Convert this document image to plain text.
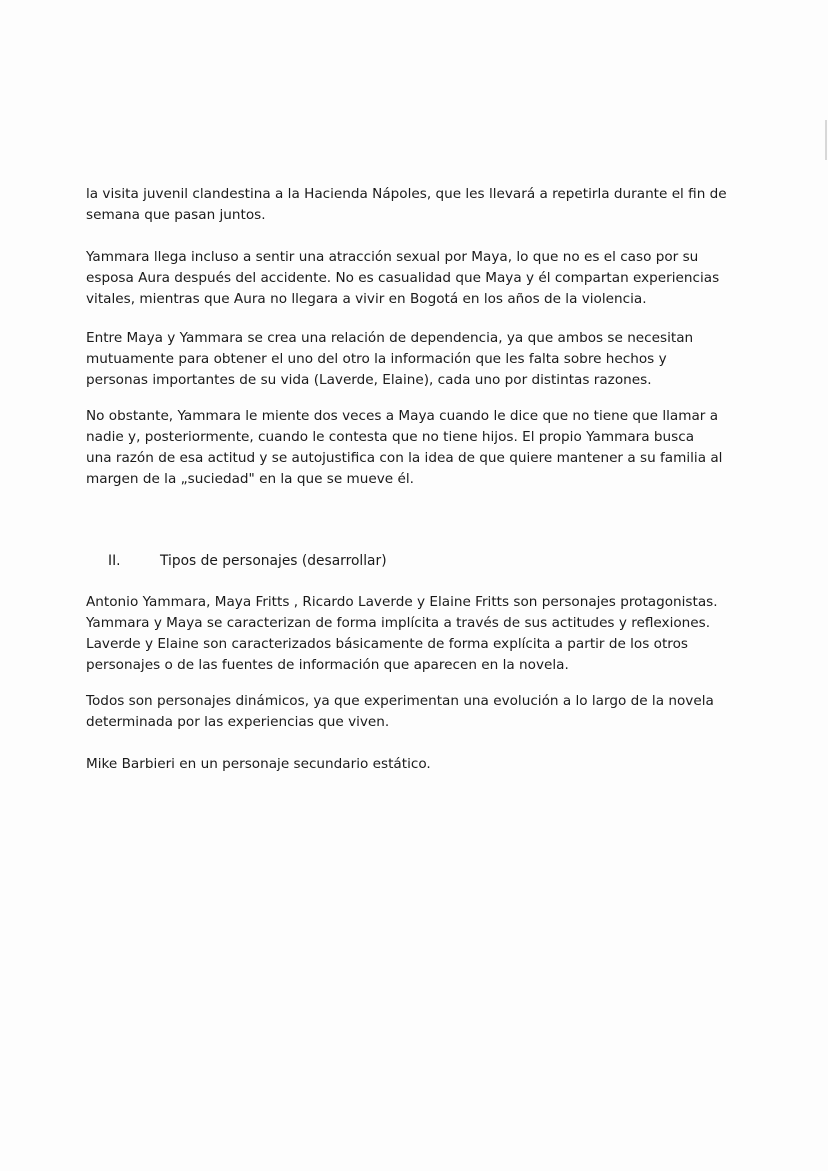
la visita juvenil clandestina a la Hacienda Nápoles, que les llevará a repetirla durante el fin de
semana que pasan juntos.
Yammara llega incluso a sentir una atracción sexual por Maya, lo que no es el caso por su
esposa Aura después del accidente. No es casualidad que Maya y él compartan experiencias
vitales, mientras que Aura no llegara a vivir en Bogotá en los años de la violencia.
Entre Maya y Yammara se crea una relación de dependencia, ya que ambos se necesitan
mutuamente para obtener el uno del otro la información que les falta sobre hechos y
personas importantes de su vida (Laverde, Elaine), cada uno por distintas razones.
No obstante, Yammara le miente dos veces a Maya cuando le dice que no tiene que llamar a
nadie y, posteriormente, cuando le contesta que no tiene hijos. El propio Yammara busca
una razón de esa actitud y se autojustifica con la idea de que quiere mantener a su familia al
margen de la „suciedad" en la que se mueve él.
II.	Tipos de personajes (desarrollar)
Antonio Yammara, Maya Fritts , Ricardo Laverde y Elaine Fritts son personajes protagonistas.
Yammara y Maya se caracterizan de forma implícita a través de sus actitudes y reflexiones.
Laverde y Elaine son caracterizados básicamente de forma explícita a partir de los otros
personajes o de las fuentes de información que aparecen en la novela.
Todos son personajes dinámicos, ya que experimentan una evolución a lo largo de la novela
determinada por las experiencias que viven.
Mike Barbieri en un personaje secundario estático.
